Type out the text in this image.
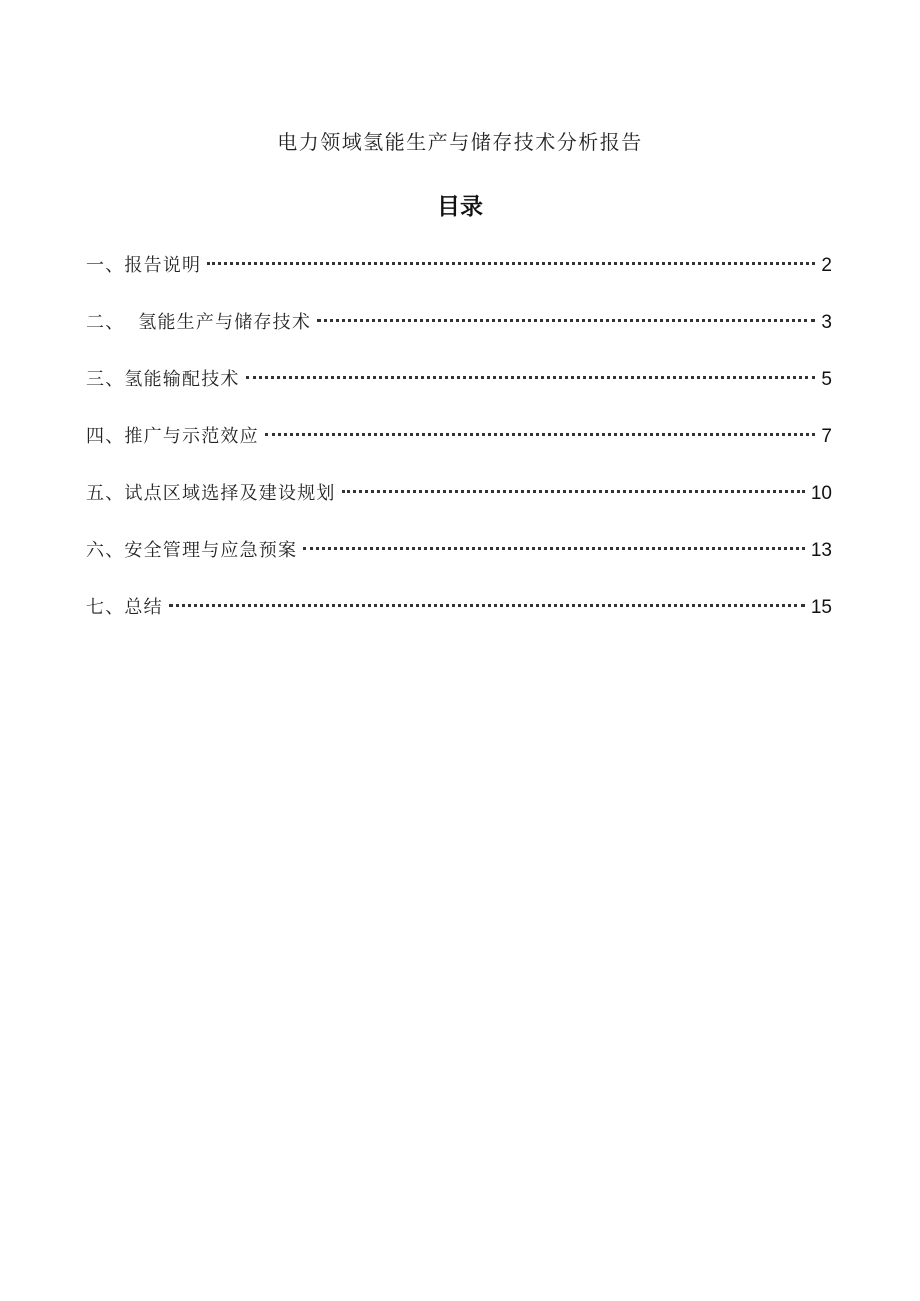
电力领域氢能生产与储存技术分析报告
目录
一、报告说明	2
二、  氢能生产与储存技术	3
三、氢能输配技术	5
四、推广与示范效应	7
五、试点区域选择及建设规划	10
六、安全管理与应急预案	13
七、总结	15
